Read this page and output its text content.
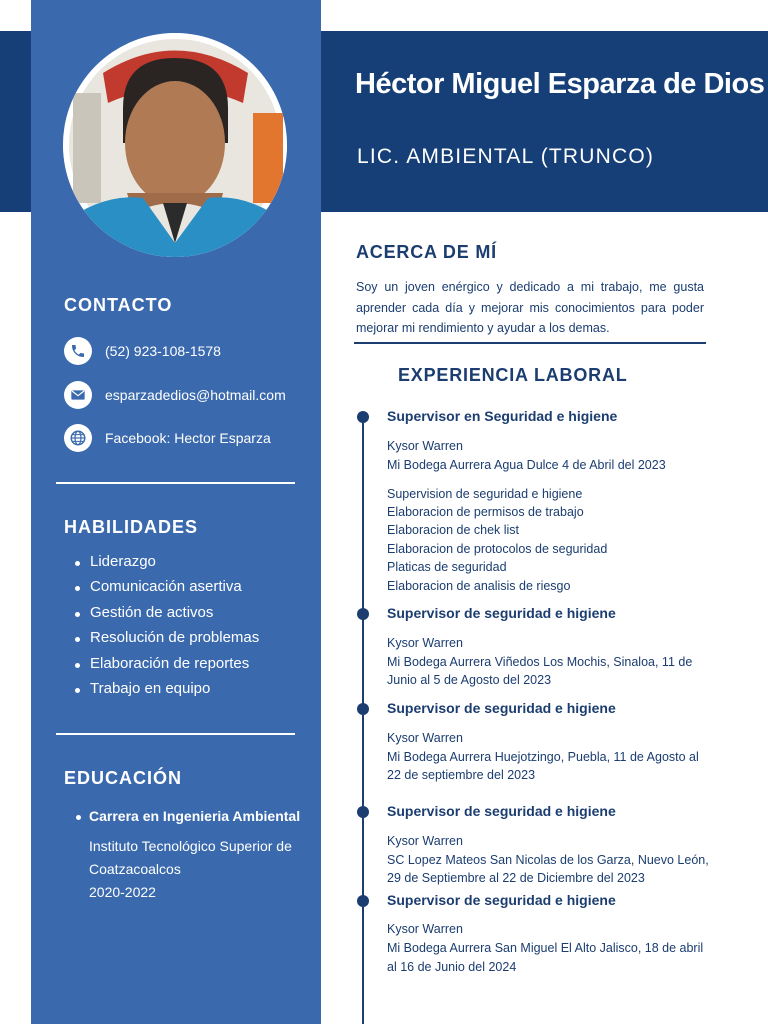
Héctor Miguel Esparza de Dios
LIC. AMBIENTAL (TRUNCO)
CONTACTO
(52) 923-108-1578
esparzadedios@hotmail.com
Facebook: Hector Esparza
HABILIDADES
Liderazgo
Comunicación asertiva
Gestión de activos
Resolución de problemas
Elaboración de reportes
Trabajo en equipo
EDUCACIÓN
Carrera en Ingenieria Ambiental
Instituto Tecnológico Superior de
Coatzacoalcos
2020-2022
ACERCA DE MÍ
Soy un joven enérgico y dedicado a mi trabajo, me gusta aprender cada día y mejorar mis conocimientos para poder mejorar mi rendimiento y ayudar a los demas.
EXPERIENCIA LABORAL
Supervisor en Seguridad e higiene
Kysor Warren
Mi Bodega Aurrera Agua Dulce 4 de Abril del 2023
Supervision de seguridad e higiene
Elaboracion de permisos de trabajo
Elaboracion de chek list
Elaboracion de protocolos de seguridad
Platicas de seguridad
Elaboracion de analisis de riesgo
Supervisor de seguridad e higiene
Kysor Warren
Mi Bodega Aurrera Viñedos Los Mochis, Sinaloa, 11 de
Junio al 5 de Agosto del 2023
Supervisor de seguridad e higiene
Kysor Warren
Mi Bodega Aurrera Huejotzingo, Puebla, 11 de Agosto al
22 de septiembre del 2023
Supervisor de seguridad e higiene
Kysor Warren
SC Lopez Mateos San Nicolas de los Garza, Nuevo León,
29 de Septiembre al 22 de Diciembre del 2023
Supervisor de seguridad e higiene
Kysor Warren
Mi Bodega Aurrera San Miguel El Alto Jalisco, 18 de abril
al 16 de Junio del 2024
